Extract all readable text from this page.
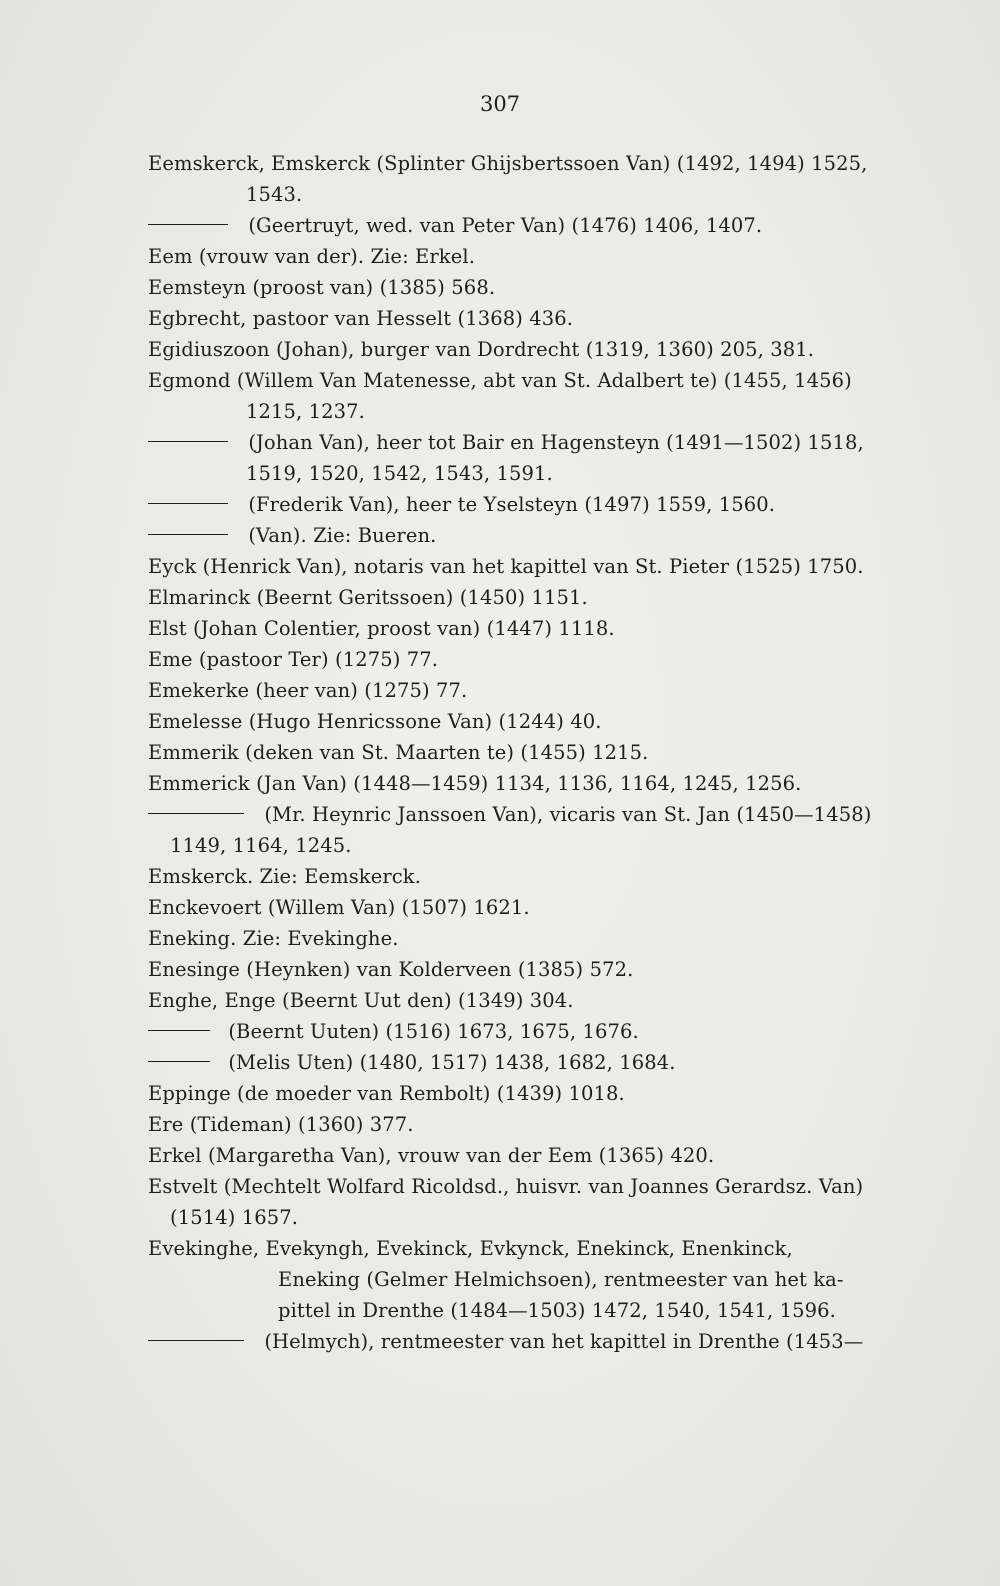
307
Eemskerck, Emskerck (Splinter Ghijsbertssoen Van) (1492, 1494) 1525,
1543.
(Geertruyt, wed. van Peter Van) (1476) 1406, 1407.
Eem (vrouw van der). Zie: Erkel.
Eemsteyn (proost van) (1385) 568.
Egbrecht, pastoor van Hesselt (1368) 436.
Egidiuszoon (Johan), burger van Dordrecht (1319, 1360) 205, 381.
Egmond (Willem Van Matenesse, abt van St. Adalbert te) (1455, 1456)
1215, 1237.
(Johan Van), heer tot Bair en Hagensteyn (1491—1502) 1518,
1519, 1520, 1542, 1543, 1591.
(Frederik Van), heer te Yselsteyn (1497) 1559, 1560.
(Van). Zie: Bueren.
Eyck (Henrick Van), notaris van het kapittel van St. Pieter (1525) 1750.
Elmarinck (Beernt Geritssoen) (1450) 1151.
Elst (Johan Colentier, proost van) (1447) 1118.
Eme (pastoor Ter) (1275) 77.
Emekerke (heer van) (1275) 77.
Emelesse (Hugo Henricssone Van) (1244) 40.
Emmerik (deken van St. Maarten te) (1455) 1215.
Emmerick (Jan Van) (1448—1459) 1134, 1136, 1164, 1245, 1256.
(Mr. Heynric Janssoen Van), vicaris van St. Jan (1450—1458)
1149, 1164, 1245.
Emskerck. Zie: Eemskerck.
Enckevoert (Willem Van) (1507) 1621.
Eneking. Zie: Evekinghe.
Enesinge (Heynken) van Kolderveen (1385) 572.
Enghe, Enge (Beernt Uut den) (1349) 304.
(Beernt Uuten) (1516) 1673, 1675, 1676.
(Melis Uten) (1480, 1517) 1438, 1682, 1684.
Eppinge (de moeder van Rembolt) (1439) 1018.
Ere (Tideman) (1360) 377.
Erkel (Margaretha Van), vrouw van der Eem (1365) 420.
Estvelt (Mechtelt Wolfard Ricoldsd., huisvr. van Joannes Gerardsz. Van)
(1514) 1657.
Evekinghe, Evekyngh, Evekinck, Evkynck, Enekinck, Enenkinck,
Eneking (Gelmer Helmichsoen), rentmeester van het ka-
pittel in Drenthe (1484—1503) 1472, 1540, 1541, 1596.
(Helmych), rentmeester van het kapittel in Drenthe (1453—
